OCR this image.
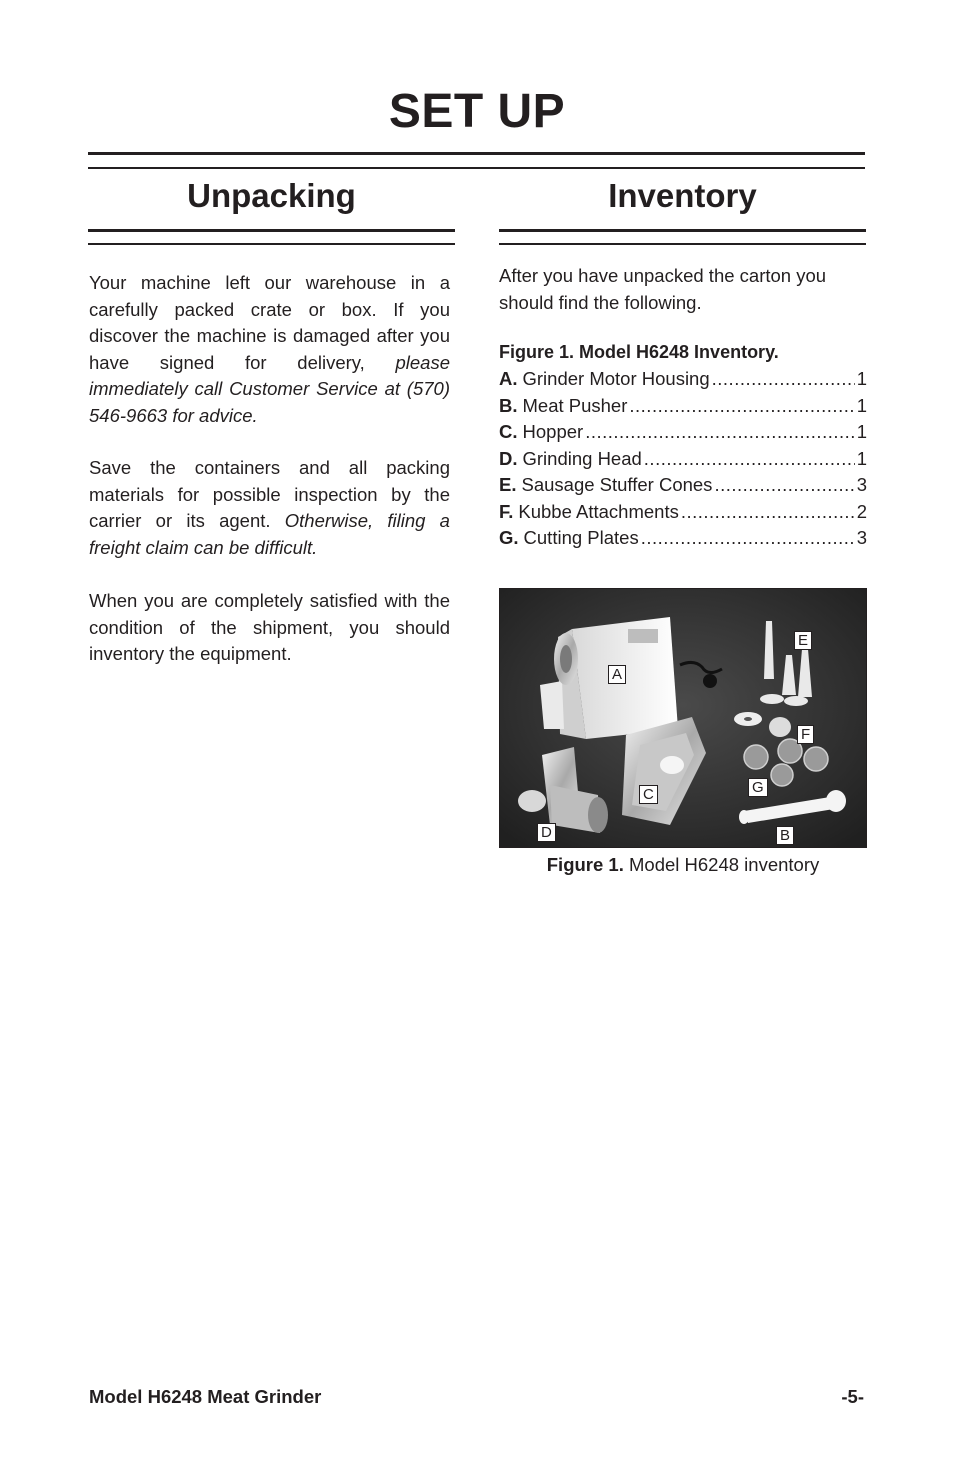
SET UP
Unpacking

Your machine left our warehouse in a carefully packed crate or box. If you discover the machine is damaged after you have signed for delivery, please immediately call Customer Service at (570) 546-9663 for advice.

Save the containers and all packing materials for possible inspection by the carrier or its agent. Otherwise, filing a freight claim can be difficult.

When you are completely satisfied with the condition of the shipment, you should inventory the equipment.

Inventory

After you have unpacked the carton you should find the following.

Figure 1. Model H6248 Inventory.

A. Grinder Motor Housing .....	1
B. Meat Pusher .....	1
C. Hopper .....	1
D. Grinding Head .....	1
E. Sausage Stuffer Cones .....	3
F. Kubbe Attachments .....	2
G. Cutting Plates .....	3
A
E
F
G
C
D	B

Figure 1. Model H6248 inventory

Model H6248 Meat Grinder	-5-
